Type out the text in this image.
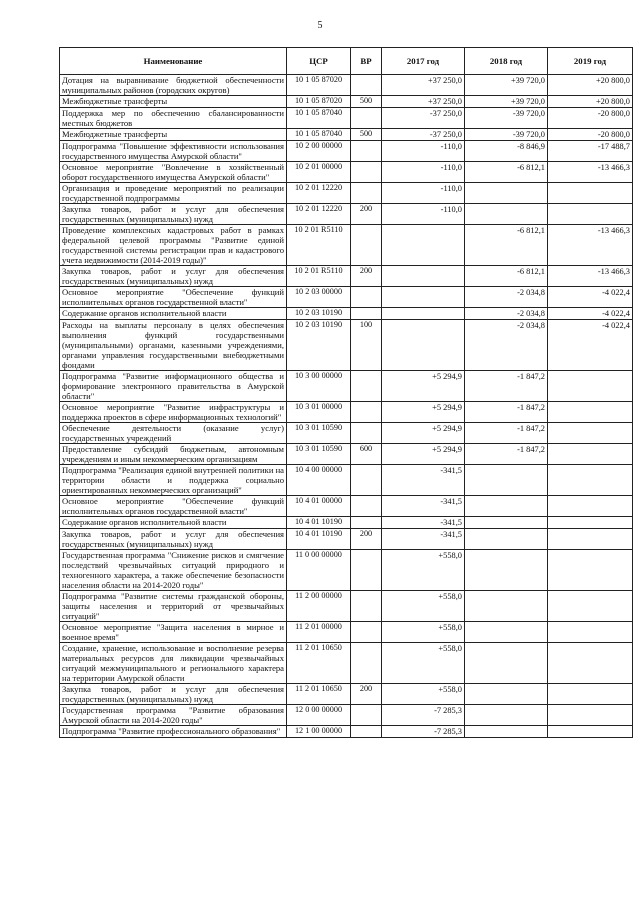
5
Наименование	ЦСР	ВР	2017 год	2018 год	2019 год
Дотация на выравнивание бюджетной обеспеченности муниципальных районов (городских округов)	10 1 05 87020		+37 250,0	+39 720,0	+20 800,0
Межбюджетные трансферты	10 1 05 87020	500	+37 250,0	+39 720,0	+20 800,0
Поддержка мер по обеспечению сбалансированности местных бюджетов	10 1 05 87040		-37 250,0	-39 720,0	-20 800,0
Межбюджетные трансферты	10 1 05 87040	500	-37 250,0	-39 720,0	-20 800,0
Подпрограмма "Повышение эффективности использования государственного имущества Амурской области"	10 2 00 00000		-110,0	-8 846,9	-17 488,7
Основное мероприятие "Вовлечение в хозяйственный оборот государственного имущества Амурской области"	10 2 01 00000		-110,0	-6 812,1	-13 466,3
Организация и проведение мероприятий по реализации государственной подпрограммы	10 2 01 12220		-110,0		
Закупка товаров, работ и услуг для обеспечения государственных (муниципальных) нужд	10 2 01 12220	200	-110,0		
Проведение комплексных кадастровых работ в рамках федеральной целевой программы "Развитие единой государственной системы регистрации прав и кадастрового учета недвижимости (2014-2019 годы)"	10 2 01 R5110			-6 812,1	-13 466,3
Закупка товаров, работ и услуг для обеспечения государственных (муниципальных) нужд	10 2 01 R5110	200		-6 812,1	-13 466,3
Основное мероприятие "Обеспечение функций исполнительных органов государственной власти"	10 2 03 00000			-2 034,8	-4 022,4
Содержание органов исполнительной власти	10 2 03 10190			-2 034,8	-4 022,4
Расходы на выплаты персоналу в целях обеспечения выполнения функций государственными (муниципальными) органами, казенными учреждениями, органами управления государственными внебюджетными фондами	10 2 03 10190	100		-2 034,8	-4 022,4
Подпрограмма "Развитие информационного общества и формирование электронного правительства в Амурской области"	10 3 00 00000		+5 294,9	-1 847,2	
Основное мероприятие "Развитие инфраструктуры и поддержка проектов в сфере информационных технологий"	10 3 01 00000		+5 294,9	-1 847,2	
Обеспечение деятельности (оказание услуг) государственных учреждений	10 3 01 10590		+5 294,9	-1 847,2	
Предоставление субсидий бюджетным, автономным учреждениям и иным некоммерческим организациям	10 3 01 10590	600	+5 294,9	-1 847,2	
Подпрограмма "Реализация единой внутренней политики на территории области и поддержка социально ориентированных некоммерческих организаций"	10 4 00 00000		-341,5		
Основное мероприятие "Обеспечение функций исполнительных органов государственной власти"	10 4 01 00000		-341,5		
Содержание органов исполнительной власти	10 4 01 10190		-341,5		
Закупка товаров, работ и услуг для обеспечения государственных (муниципальных) нужд	10 4 01 10190	200	-341,5		
Государственная программа "Снижение рисков и смягчение последствий чрезвычайных ситуаций природного и техногенного характера, а также обеспечение безопасности населения области на 2014-2020 годы"	11 0 00 00000		+558,0		
Подпрограмма "Развитие системы гражданской обороны, защиты населения и территорий от чрезвычайных ситуаций"	11 2 00 00000		+558,0		
Основное мероприятие "Защита населения в мирное и военное время"	11 2 01 00000		+558,0		
Создание, хранение, использование и восполнение резерва материальных ресурсов для ликвидации чрезвычайных ситуаций межмуниципального и регионального характера на территории Амурской области	11 2 01 10650		+558,0		
Закупка товаров, работ и услуг для обеспечения государственных (муниципальных) нужд	11 2 01 10650	200	+558,0		
Государственная программа "Развитие образования Амурской области на 2014-2020 годы"	12 0 00 00000		-7 285,3		
Подпрограмма "Развитие профессионального образования"	12 1 00 00000		-7 285,3		
